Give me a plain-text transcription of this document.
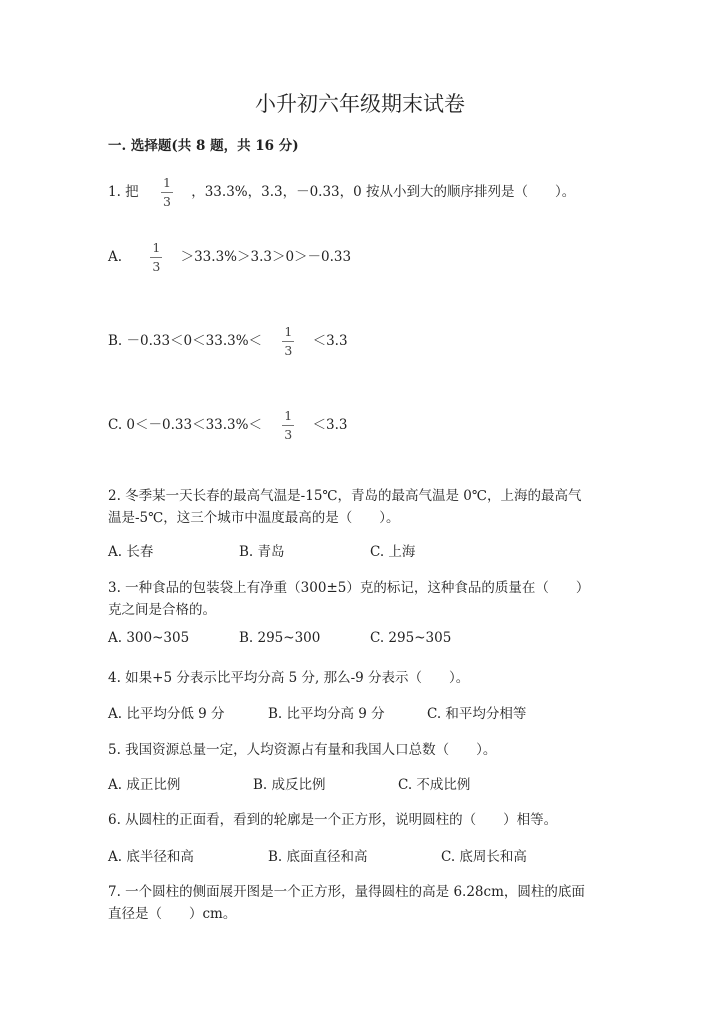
小升初六年级期末试卷
一. 选择题(共 8 题，共 16 分)
1. 把 $\frac{1}{3}$ ，33.3%，3.3，－0.33，0 按从小到大的顺序排列是（　　）。
A. $\frac{1}{3} >33.3\%>3.3>0>-0.33$
B. $-0.33<0<33.3\%< \frac{1}{3} <3.3$
C. $0<-0.33<33.3\%< \frac{1}{3} <3.3$
2. 冬季某一天长春的最高气温是-15℃，青岛的最高气温是 0℃，上海的最高气
温是-5℃，这三个城市中温度最高的是（　　）。
A. 长春	B. 青岛	C. 上海
3. 一种食品的包装袋上有净重（300±5）克的标记，这种食品的质量在（　　）
克之间是合格的。
A. 300~305	B. 295~300	C. 295~305
4. 如果+5 分表示比平均分高 5 分, 那么-9 分表示（　　）。
A. 比平均分低 9 分	B. 比平均分高 9 分	C. 和平均分相等
5. 我国资源总量一定，人均资源占有量和我国人口总数（　　）。
A. 成正比例	B. 成反比例	C. 不成比例
6. 从圆柱的正面看，看到的轮廓是一个正方形，说明圆柱的（　　）相等。
A. 底半径和高	B. 底面直径和高	C. 底周长和高
7. 一个圆柱的侧面展开图是一个正方形，量得圆柱的高是 6.28cm，圆柱的底面
直径是（　　）cm。
